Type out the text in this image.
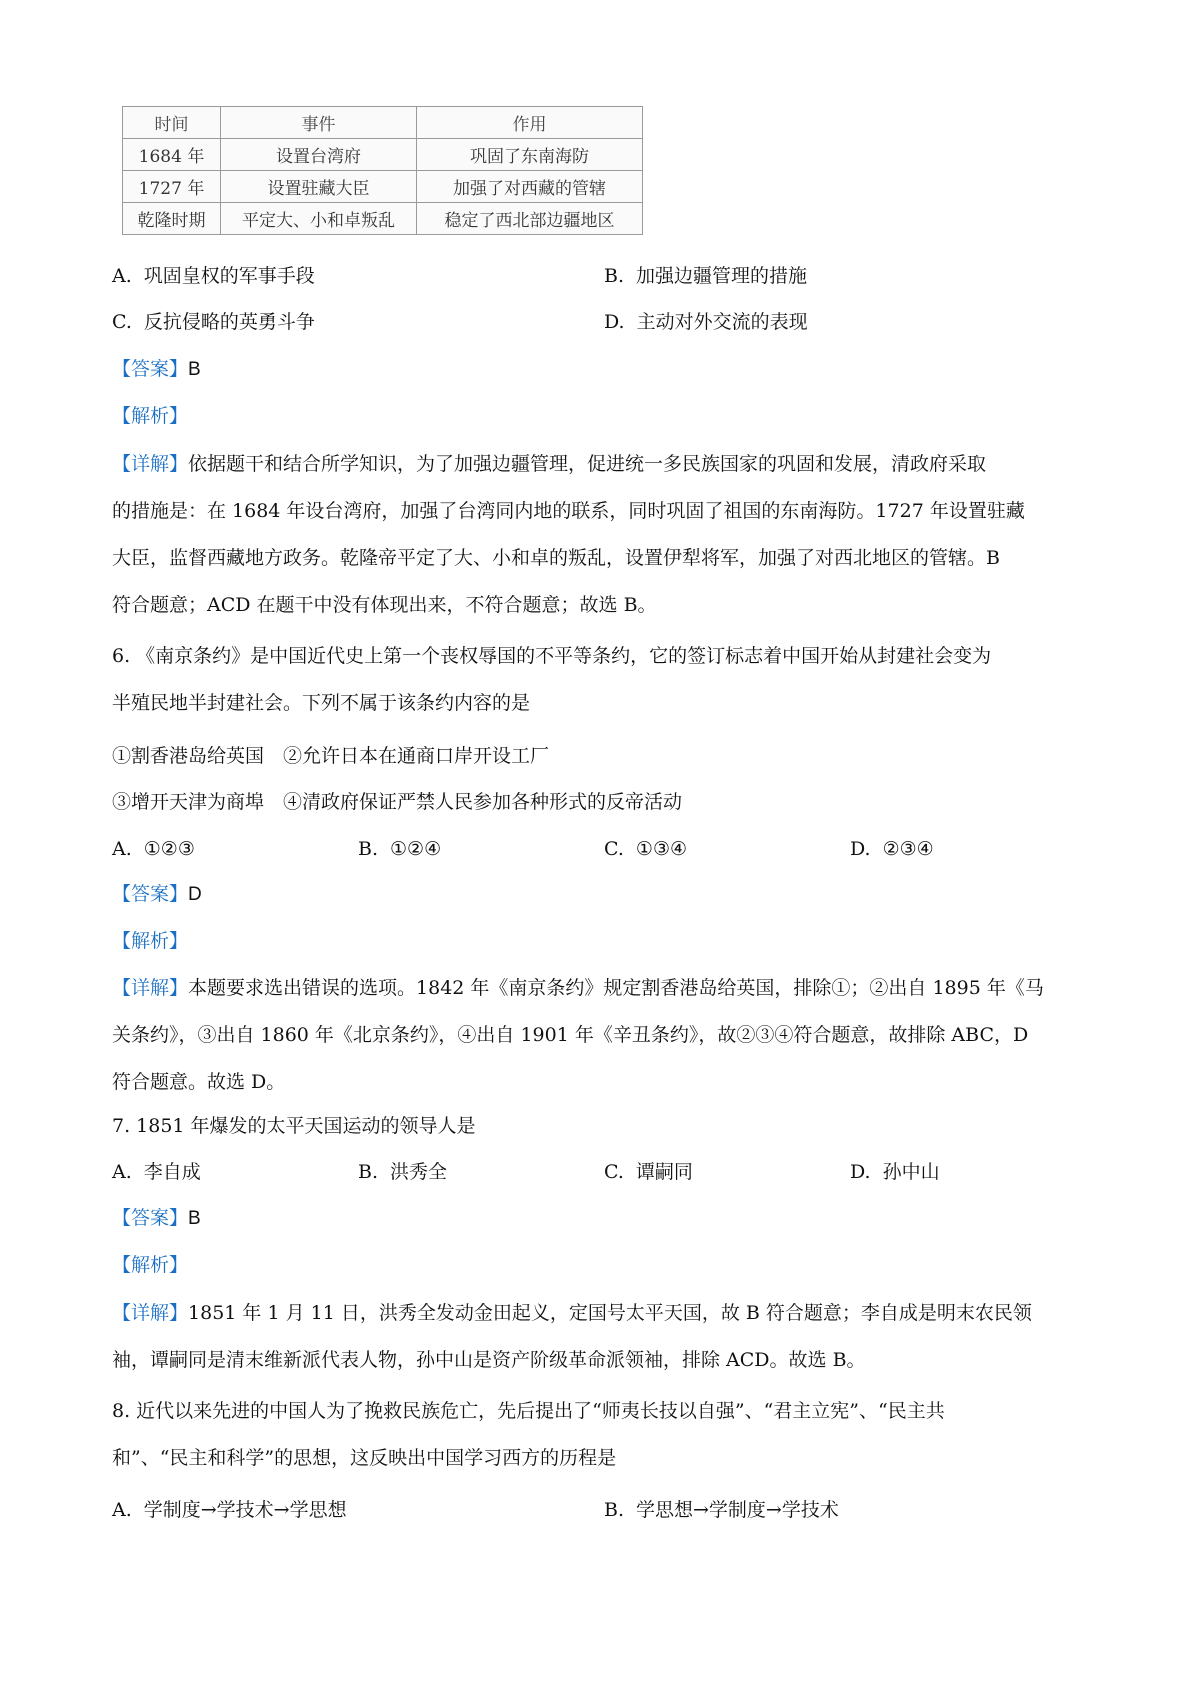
时间	事件	作用
1684 年	设置台湾府	巩固了东南海防
1727 年	设置驻藏大臣	加强了对西藏的管辖
乾隆时期	平定大、小和卓叛乱	稳定了西北部边疆地区
A. 巩固皇权的军事手段	B. 加强边疆管理的措施
C. 反抗侵略的英勇斗争	D. 主动对外交流的表现
【答案】B
【解析】
【详解】依据题干和结合所学知识，为了加强边疆管理，促进统一多民族国家的巩固和发展，清政府采取
的措施是：在 1684 年设台湾府，加强了台湾同内地的联系，同时巩固了祖国的东南海防。1727 年设置驻藏
大臣，监督西藏地方政务。乾隆帝平定了大、小和卓的叛乱，设置伊犁将军，加强了对西北地区的管辖。B
符合题意；ACD 在题干中没有体现出来，不符合题意；故选 B。
6. 《南京条约》是中国近代史上第一个丧权辱国的不平等条约，它的签订标志着中国开始从封建社会变为
半殖民地半封建社会。下列不属于该条约内容的是
①割香港岛给英国　②允许日本在通商口岸开设工厂
③增开天津为商埠　④清政府保证严禁人民参加各种形式的反帝活动
A. ①②③	B. ①②④	C. ①③④	D. ②③④
【答案】D
【解析】
【详解】本题要求选出错误的选项。1842 年《南京条约》规定割香港岛给英国，排除①；②出自 1895 年《马
关条约》，③出自 1860 年《北京条约》，④出自 1901 年《辛丑条约》，故②③④符合题意，故排除 ABC，D
符合题意。故选 D。
7. 1851 年爆发的太平天国运动的领导人是
A. 李自成	B. 洪秀全	C. 谭嗣同	D. 孙中山
【答案】B
【解析】
【详解】1851 年 1 月 11 日，洪秀全发动金田起义，定国号太平天国，故 B 符合题意；李自成是明末农民领
袖，谭嗣同是清末维新派代表人物，孙中山是资产阶级革命派领袖，排除 ACD。故选 B。
8. 近代以来先进的中国人为了挽救民族危亡，先后提出了“师夷长技以自强”、“君主立宪”、“民主共
和”、“民主和科学”的思想，这反映出中国学习西方的历程是
A. 学制度→学技术→学思想	B. 学思想→学制度→学技术
